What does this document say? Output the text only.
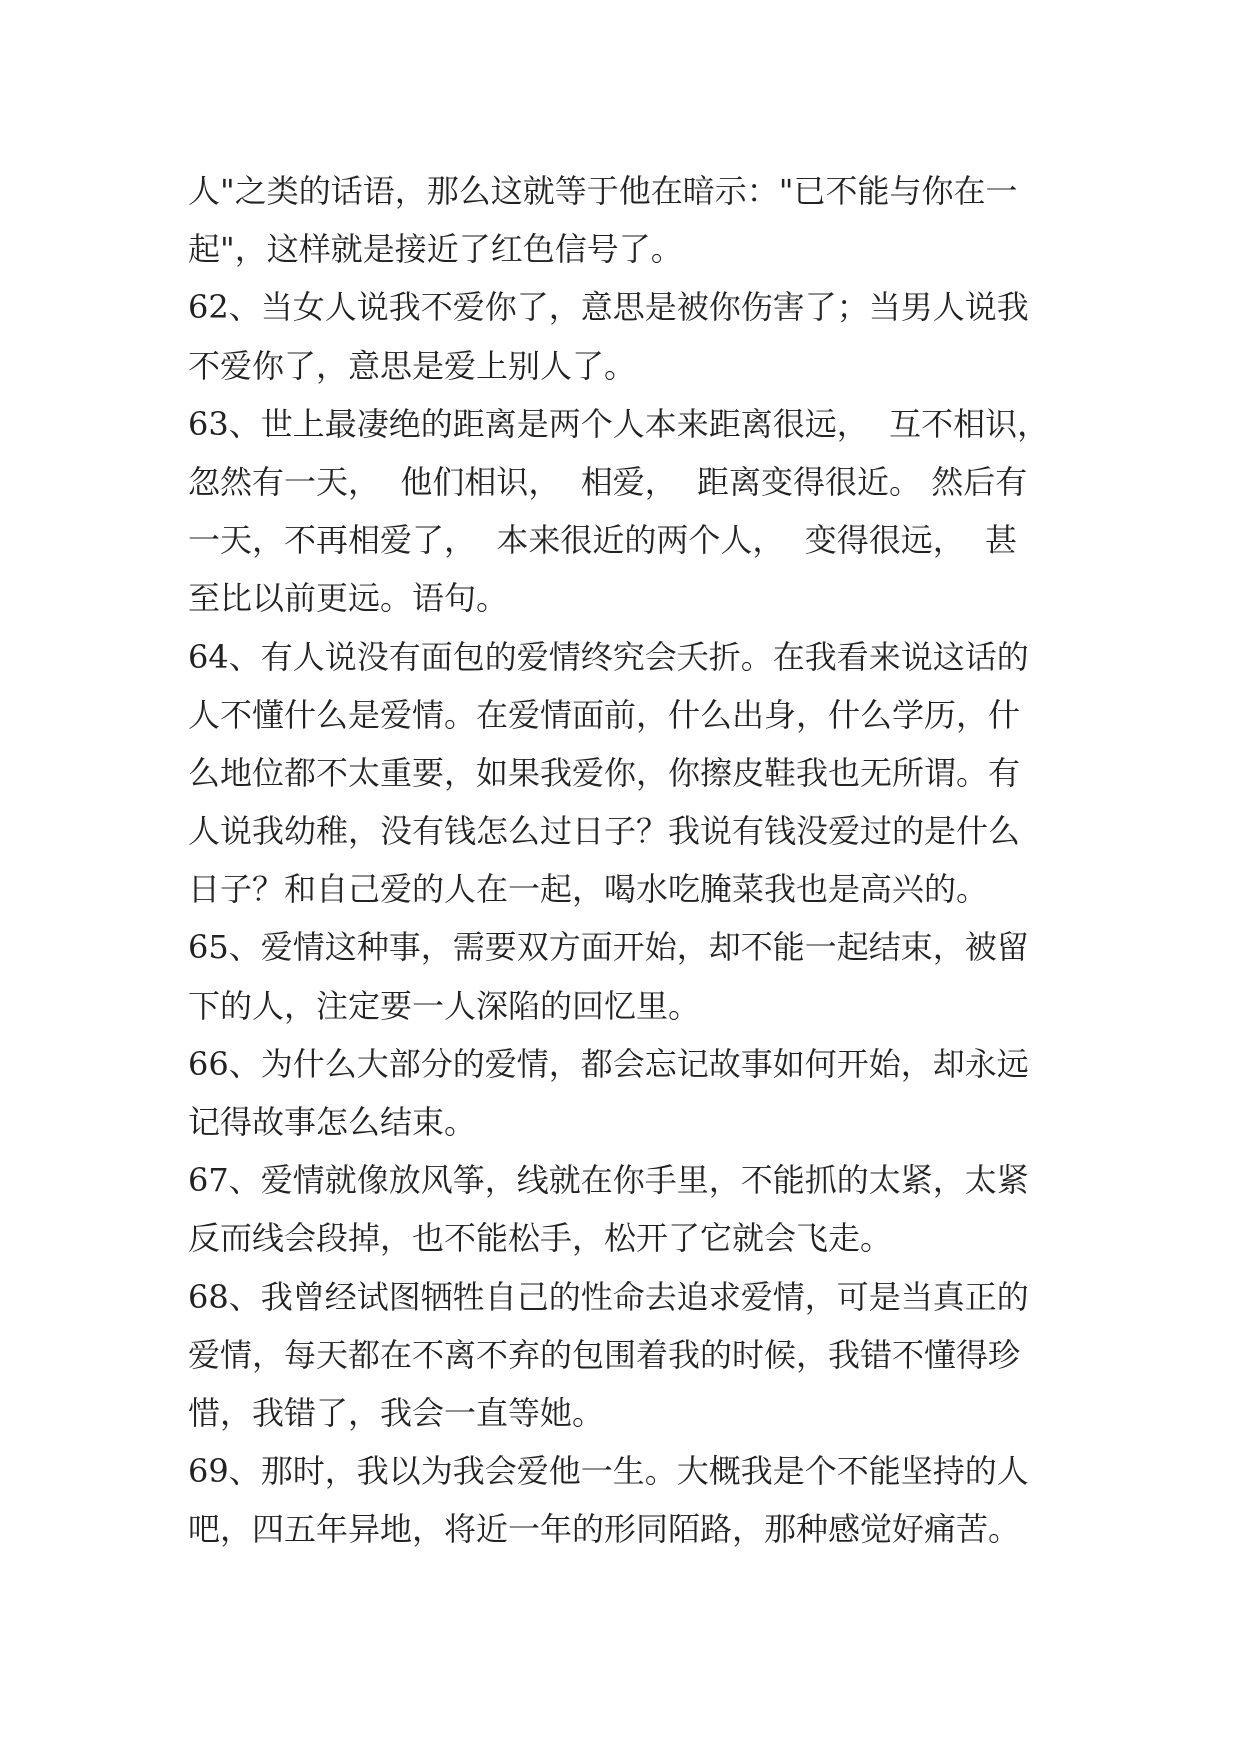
人"之类的话语，那么这就等于他在暗示："已不能与你在一
起"，这样就是接近了红色信号了。
62、当女人说我不爱你了，意思是被你伤害了；当男人说我
不爱你了，意思是爱上别人了。
63、世上最凄绝的距离是两个人本来距离很远，  互不相识，
忽然有一天，  他们相识，  相爱，  距离变得很近。 然后有
一天，不再相爱了，  本来很近的两个人，  变得很远，  甚
至比以前更远。语句。
64、有人说没有面包的爱情终究会夭折。在我看来说这话的
人不懂什么是爱情。在爱情面前，什么出身，什么学历，什
么地位都不太重要，如果我爱你，你擦皮鞋我也无所谓。有
人说我幼稚，没有钱怎么过日子？我说有钱没爱过的是什么
日子？和自己爱的人在一起，喝水吃腌菜我也是高兴的。
65、爱情这种事，需要双方面开始，却不能一起结束，被留
下的人，注定要一人深陷的回忆里。
66、为什么大部分的爱情，都会忘记故事如何开始，却永远
记得故事怎么结束。
67、爱情就像放风筝，线就在你手里，不能抓的太紧，太紧
反而线会段掉，也不能松手，松开了它就会飞走。
68、我曾经试图牺牲自己的性命去追求爱情，可是当真正的
爱情，每天都在不离不弃的包围着我的时候，我错不懂得珍
惜，我错了，我会一直等她。
69、那时，我以为我会爱他一生。大概我是个不能坚持的人
吧，四五年异地，将近一年的形同陌路，那种感觉好痛苦。
